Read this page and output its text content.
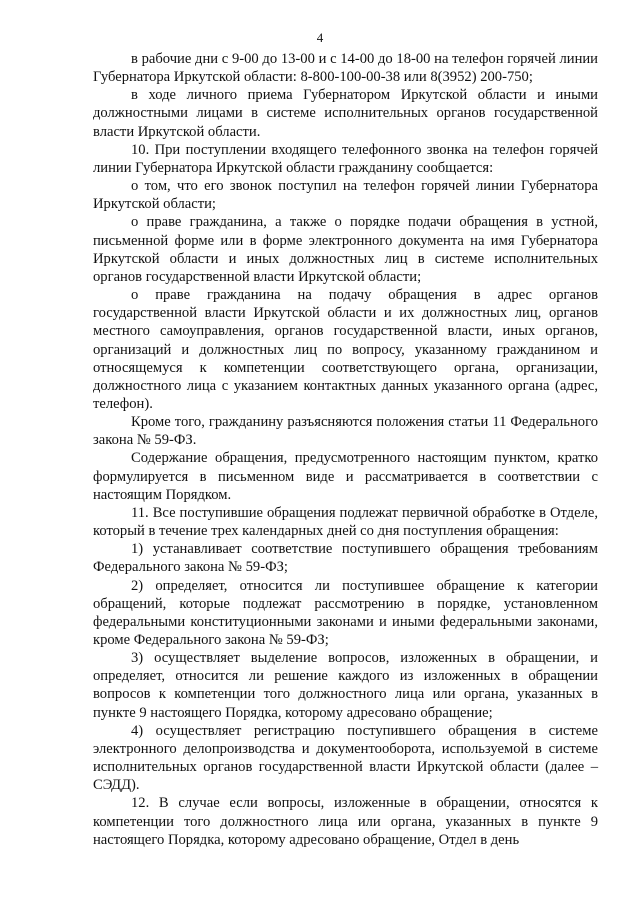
4

в рабочие дни с 9-00 до 13-00 и с 14-00 до 18-00 на телефон горячей линии Губернатора Иркутской области: 8-800-100-00-38 или 8(3952) 200-750;

в ходе личного приема Губернатором Иркутской области и иными должностными лицами в системе исполнительных органов государственной власти Иркутской области.

10. При поступлении входящего телефонного звонка на телефон горячей линии Губернатора Иркутской области гражданину сообщается:

о том, что его звонок поступил на телефон горячей линии Губернатора Иркутской области;

о праве гражданина, а также о порядке подачи обращения в устной, письменной форме или в форме электронного документа на имя Губернатора Иркутской области и иных должностных лиц в системе исполнительных органов государственной власти Иркутской области;

о праве гражданина на подачу обращения в адрес органов государственной власти Иркутской области и их должностных лиц, органов местного самоуправления, органов государственной власти, иных органов, организаций и должностных лиц по вопросу, указанному гражданином и относящемуся к компетенции соответствующего органа, организации, должностного лица с указанием контактных данных указанного органа (адрес, телефон).

Кроме того, гражданину разъясняются положения статьи 11 Федерального закона № 59-ФЗ.

Содержание обращения, предусмотренного настоящим пунктом, кратко формулируется в письменном виде и рассматривается в соответствии с настоящим Порядком.

11. Все поступившие обращения подлежат первичной обработке в Отделе, который в течение трех календарных дней со дня поступления обращения:

1) устанавливает соответствие поступившего обращения требованиям Федерального закона № 59-ФЗ;

2) определяет, относится ли поступившее обращение к категории обращений, которые подлежат рассмотрению в порядке, установленном федеральными конституционными законами и иными федеральными законами, кроме Федерального закона № 59-ФЗ;

3) осуществляет выделение вопросов, изложенных в обращении, и определяет, относится ли решение каждого из изложенных в обращении вопросов к компетенции того должностного лица или органа, указанных в пункте 9 настоящего Порядка, которому адресовано обращение;

4) осуществляет регистрацию поступившего обращения в системе электронного делопроизводства и документооборота, используемой в системе исполнительных органов государственной власти Иркутской области (далее – СЭДД).

12. В случае если вопросы, изложенные в обращении, относятся к компетенции того должностного лица или органа, указанных в пункте 9 настоящего Порядка, которому адресовано обращение, Отдел в день
